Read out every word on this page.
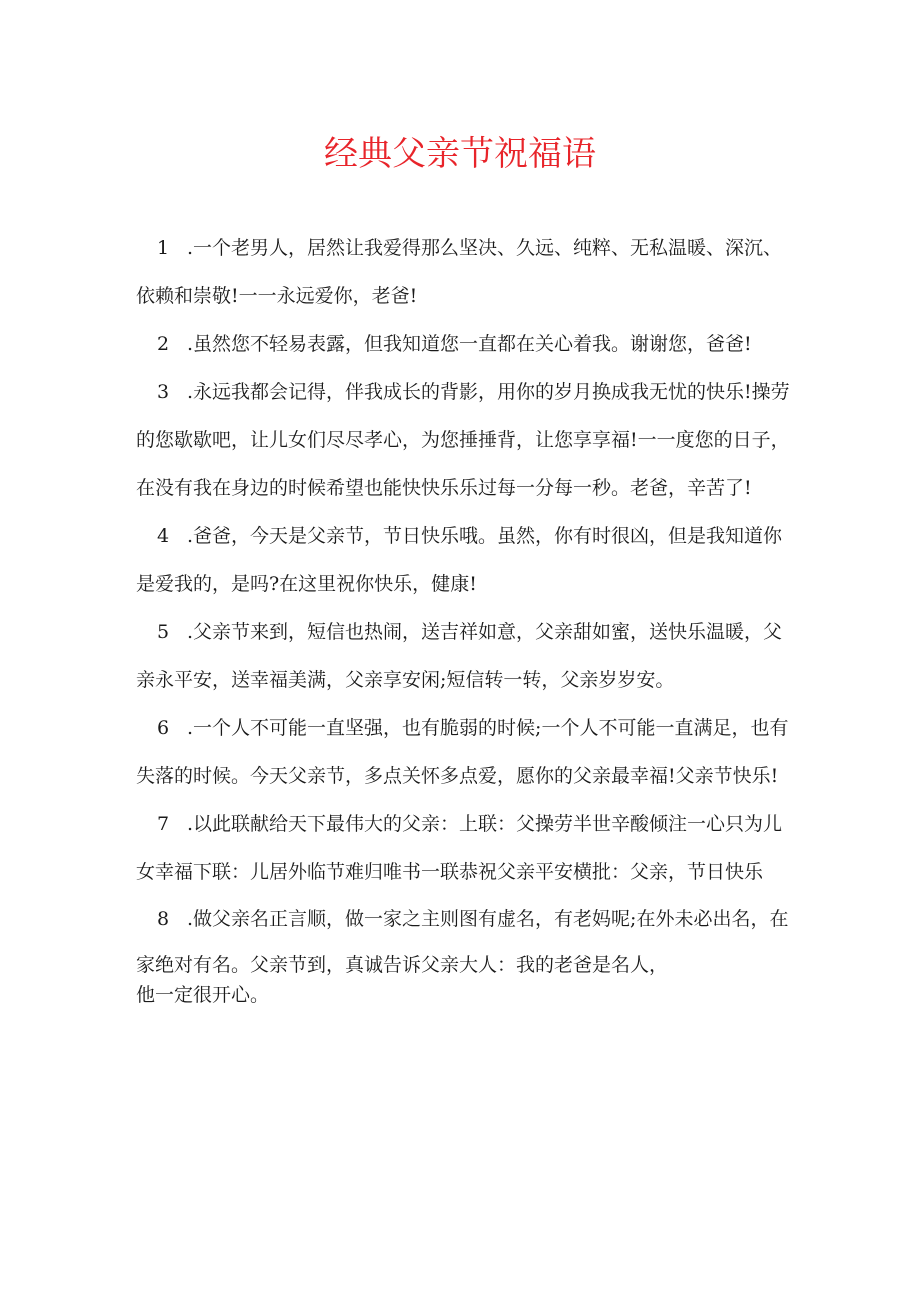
经典父亲节祝福语

1 .一个老男人，居然让我爱得那么坚决、久远、纯粹、无私温暖、深沉、依赖和崇敬!一一永远爱你，老爸!

2 .虽然您不轻易表露，但我知道您一直都在关心着我。谢谢您，爸爸!

3 .永远我都会记得，伴我成长的背影，用你的岁月换成我无忧的快乐!操劳的您歇歇吧，让儿女们尽尽孝心，为您捶捶背，让您享享福!一一度您的日子，在没有我在身边的时候希望也能快快乐乐过每一分每一秒。老爸，辛苦了!

4 .爸爸，今天是父亲节，节日快乐哦。虽然，你有时很凶，但是我知道你是爱我的，是吗?在这里祝你快乐，健康!

5 .父亲节来到，短信也热闹，送吉祥如意，父亲甜如蜜，送快乐温暖，父亲永平安，送幸福美满，父亲享安闲;短信转一转，父亲岁岁安。

6 .一个人不可能一直坚强，也有脆弱的时候;一个人不可能一直满足，也有失落的时候。今天父亲节，多点关怀多点爱，愿你的父亲最幸福!父亲节快乐!

7 .以此联献给天下最伟大的父亲：上联：父操劳半世辛酸倾注一心只为儿女幸福下联：儿居外临节难归唯书一联恭祝父亲平安横批：父亲，节日快乐

8 .做父亲名正言顺，做一家之主则图有虚名，有老妈呢;在外未必出名，在家绝对有名。父亲节到，真诚告诉父亲大人：我的老爸是名人，
他一定很开心。
